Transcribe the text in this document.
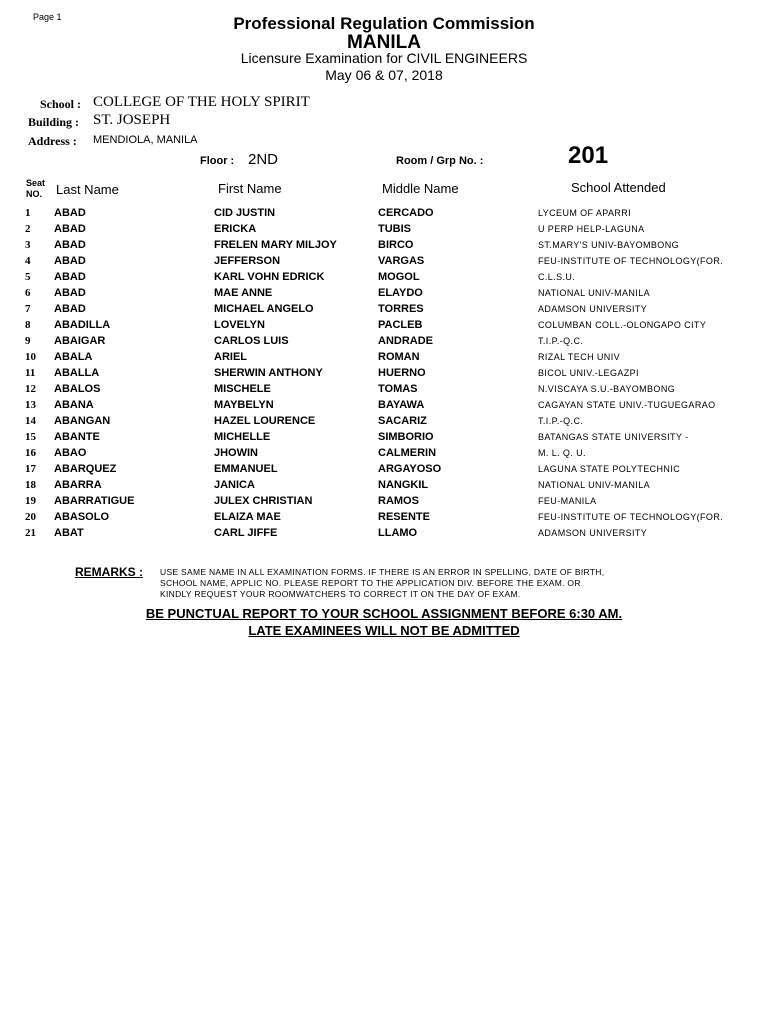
Page 1	Professional Regulation Commission
MANILA
Licensure Examination for CIVIL ENGINEERS
May 06 & 07, 2018
School : COLLEGE OF THE HOLY SPIRIT
Building : ST. JOSEPH
Address : MENDIOLA, MANILA
Floor : 2ND	Room / Grp No. :	201
Seat
NO. Last Name	First Name	Middle Name	School Attended
1 ABAD	CID JUSTIN	CERCADO	LYCEUM OF APARRI
2 ABAD	ERICKA	TUBIS	U PERP HELP-LAGUNA
3 ABAD	FRELEN MARY MILJOY	BIRCO	ST.MARY'S UNIV-BAYOMBONG
4 ABAD	JEFFERSON	VARGAS	FEU-INSTITUTE OF TECHNOLOGY(FOR.
5 ABAD	KARL VOHN EDRICK	MOGOL	C.L.S.U.
6 ABAD	MAE ANNE	ELAYDO	NATIONAL UNIV-MANILA
7 ABAD	MICHAEL ANGELO	TORRES	ADAMSON UNIVERSITY
8 ABADILLA	LOVELYN	PACLEB	COLUMBAN COLL.-OLONGAPO CITY
9 ABAIGAR	CARLOS LUIS	ANDRADE	T.I.P.-Q.C.
10 ABALA	ARIEL	ROMAN	RIZAL TECH UNIV
11 ABALLA	SHERWIN ANTHONY	HUERNO	BICOL UNIV.-LEGAZPI
12 ABALOS	MISCHELE	TOMAS	N.VISCAYA S.U.-BAYOMBONG
13 ABANA	MAYBELYN	BAYAWA	CAGAYAN STATE UNIV.-TUGUEGARAO
14 ABANGAN	HAZEL LOURENCE	SACARIZ	T.I.P.-Q.C.
15 ABANTE	MICHELLE	SIMBORIO	BATANGAS STATE UNIVERSITY -
16 ABAO	JHOWIN	CALMERIN	M. L. Q. U.
17 ABARQUEZ	EMMANUEL	ARGAYOSO	LAGUNA STATE POLYTECHNIC
18 ABARRA	JANICA	NANGKIL	NATIONAL UNIV-MANILA
19 ABARRATIGUE	JULEX CHRISTIAN	RAMOS	FEU-MANILA
20 ABASOLO	ELAIZA MAE	RESENTE	FEU-INSTITUTE OF TECHNOLOGY(FOR.
21 ABAT	CARL JIFFE	LLAMO	ADAMSON UNIVERSITY
REMARKS : USE SAME NAME IN ALL EXAMINATION FORMS. IF THERE IS AN ERROR IN SPELLING, DATE OF BIRTH,
SCHOOL NAME, APPLIC NO. PLEASE REPORT TO THE APPLICATION DIV. BEFORE THE EXAM. OR
KINDLY REQUEST YOUR ROOMWATCHERS TO CORRECT IT ON THE DAY OF EXAM.
BE PUNCTUAL REPORT TO YOUR SCHOOL ASSIGNMENT BEFORE 6:30 AM.
LATE EXAMINEES WILL NOT BE ADMITTED
